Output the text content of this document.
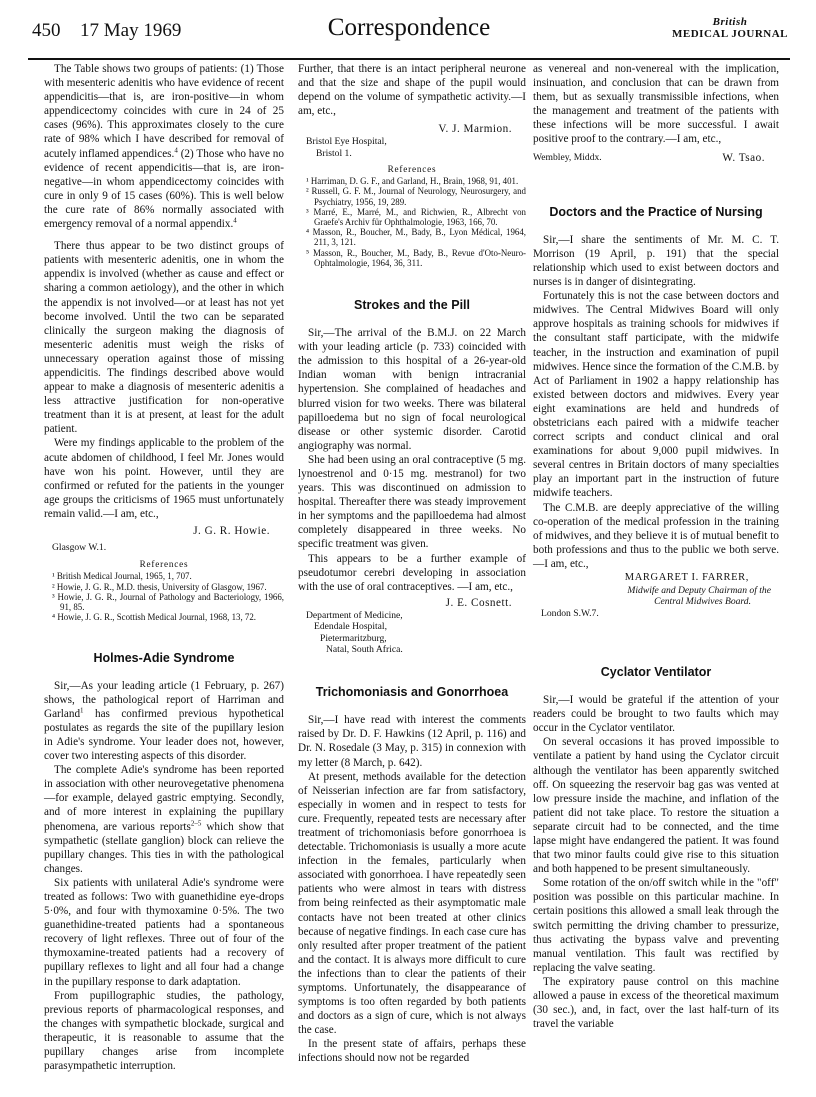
450 17 May 1969	Correspondence	British
MEDICAL JOURNAL

The Table shows two groups of patients: (1) Those with mesenteric adenitis who have evidence of recent appendicitis—that is, are iron-positive—in whom appendicectomy coincides with cure in 24 of 25 cases (96%). This approximates closely to the cure rate of 98% which I have described for removal of acutely inflamed appendices.$^4$ (2) Those who have no evidence of recent appendicitis—that is, are iron-negative—in whom appendicectomy coincides with cure in only 9 of 15 cases (60%). This is well below the cure rate of 86% normally associated with emergency removal of a normal appendix.$^4$

There thus appear to be two distinct groups of patients with mesenteric adenitis, one in whom the appendix is involved (whether as cause and effect or sharing a common aetiology), and the other in which the appendix is not involved—or at least has not yet become involved. Until the two can be separated clinically the surgeon making the diagnosis of mesenteric adenitis must weigh the risks of unnecessary operation against those of missing appendicitis. The findings described above would appear to make a diagnosis of mesenteric adenitis a less attractive justification for non-operative treatment than it is at present, at least for the adult patient.

Were my findings applicable to the problem of the acute abdomen of childhood, I feel Mr. Jones would have won his point. However, until they are confirmed or refuted for the patients in the younger age groups the criticisms of 1965 must unfortunately remain valid.—I am, etc.,

J. G. R. Howie.
Glasgow W.1.
References
¹ British Medical Journal, 1965, 1, 707.
² Howie, J. G. R., M.D. thesis, University of Glasgow, 1967.
³ Howie, J. G. R., Journal of Pathology and Bacteriology, 1966, 91, 85.
⁴ Howie, J. G. R., Scottish Medical Journal, 1968, 13, 72.
Holmes-Adie Syndrome

Sir,—As your leading article (1 February, p. 267) shows, the pathological report of Harriman and Garland$^1$ has confirmed previous hypothetical postulates as regards the site of the pupillary lesion in Adie's syndrome. Your leader does not, however, cover two interesting aspects of this disorder.

The complete Adie's syndrome has been reported in association with other neurovegetative phenomena—for example, delayed gastric emptying. Secondly, and of more interest in explaining the pupillary phenomena, are various reports$^{2-5}$ which show that sympathetic (stellate ganglion) block can relieve the pupillary changes. This ties in with the pathological changes.

Six patients with unilateral Adie's syndrome were treated as follows: Two with guanethidine eye-drops 5·0%, and four with thymoxamine 0·5%. The two guanethidine-treated patients had a spontaneous recovery of light reflexes. Three out of four of the thymoxamine-treated patients had a recovery of pupillary reflexes to light and all four had a change in the pupillary response to dark adaptation.

From pupillographic studies, the pathology, previous reports of pharmacological responses, and the changes with sympathetic blockade, surgical and therapeutic, it is reasonable to assume that the pupillary changes arise from incomplete parasympathetic interruption.

Further, that there is an intact peripheral neurone and that the size and shape of the pupil would depend on the volume of sympathetic activity.—I am, etc.,

V. J. Marmion.
Bristol Eye Hospital,
Bristol 1.
References
¹ Harriman, D. G. F., and Garland, H., Brain, 1968, 91, 401.
² Russell, G. F. M., Journal of Neurology, Neurosurgery, and Psychiatry, 1956, 19, 289.
³ Marré, E., Marré, M., and Richwien, R., Albrecht von Graefe's Archiv für Ophthalmologie, 1963, 166, 70.
⁴ Masson, R., Boucher, M., Bady, B., Lyon Médical, 1964, 211, 3, 121.
⁵ Masson, R., Boucher, M., Bady, B., Revue d'Oto-Neuro-Ophtalmologie, 1964, 36, 311.
Strokes and the Pill

Sir,—The arrival of the B.M.J. on 22 March with your leading article (p. 733) coincided with the admission to this hospital of a 26-year-old Indian woman with benign intracranial hypertension. She complained of headaches and blurred vision for two weeks. There was bilateral papilloedema but no sign of focal neurological disease or other systemic disorder. Carotid angiography was normal.

She had been using an oral contraceptive (5 mg. lynoestrenol and 0·15 mg. mestranol) for two years. This was discontinued on admission to hospital. Thereafter there was steady improvement in her symptoms and the papilloedema had almost completely disappeared in three weeks. No specific treatment was given.

This appears to be a further example of pseudotumor cerebri developing in association with the use of oral contraceptives. —I am, etc.,

J. E. Cosnett.
Department of Medicine,
Edendale Hospital,
Pietermaritzburg,
Natal, South Africa.
Trichomoniasis and Gonorrhoea

Sir,—I have read with interest the comments raised by Dr. D. F. Hawkins (12 April, p. 116) and Dr. N. Rosedale (3 May, p. 315) in connexion with my letter (8 March, p. 642).

At present, methods available for the detection of Neisserian infection are far from satisfactory, especially in women and in respect to tests for cure. Frequently, repeated tests are necessary after treatment of trichomoniasis before gonorrhoea is detectable. Trichomoniasis is usually a more acute infection in the females, particularly when associated with gonorrhoea. I have repeatedly seen patients who were almost in tears with distress from being reinfected as their asymptomatic male contacts have not been treated at other clinics because of negative findings. In each case cure has only resulted after proper treatment of the patient and the contact. It is always more difficult to cure the infections than to clear the patients of their symptoms. Unfortunately, the disappearance of symptoms is too often regarded by both patients and doctors as a sign of cure, which is not always the case.

In the present state of affairs, perhaps these infections should now not be regarded

as venereal and non-venereal with the implication, insinuation, and conclusion that can be drawn from them, but as sexually transmissible infections, when the management and treatment of the patients with these infections will be more successful. I await positive proof to the contrary.—I am, etc.,

Wembley, Middx.	W. Tsao.
Doctors and the Practice of Nursing

Sir,—I share the sentiments of Mr. M. C. T. Morrison (19 April, p. 191) that the special relationship which used to exist between doctors and nurses is in danger of disintegrating.

Fortunately this is not the case between doctors and midwives. The Central Midwives Board will only approve hospitals as training schools for midwives if the consultant staff participate, with the midwife teacher, in the instruction and examination of pupil midwives. Hence since the formation of the C.M.B. by Act of Parliament in 1902 a happy relationship has existed between doctors and midwives. Every year eight examinations are held and hundreds of obstetricians each paired with a midwife teacher correct scripts and conduct clinical and oral examinations for about 9,000 pupil midwives. In several centres in Britain doctors of many specialties play an important part in the instruction of future midwife teachers.

The C.M.B. are deeply appreciative of the willing co-operation of the medical profession in the training of midwives, and they believe it is of mutual benefit to both professions and thus to the public we both serve.—I am, etc.,

MARGARET I. FARRER,
Midwife and Deputy Chairman of the
Central Midwives Board.
London S.W.7.
Cyclator Ventilator

Sir,—I would be grateful if the attention of your readers could be brought to two faults which may occur in the Cyclator ventilator.

On several occasions it has proved impossible to ventilate a patient by hand using the Cyclator circuit although the ventilator has been apparently switched off. On squeezing the reservoir bag gas was vented at low pressure inside the machine, and inflation of the patient did not take place. To restore the situation a separate circuit had to be connected, and the time lapse might have endangered the patient. It was found that two minor faults could give rise to this situation and both happened to be present simultaneously.

Some rotation of the on/off switch while in the "off" position was possible on this particular machine. In certain positions this allowed a small leak through the switch permitting the driving chamber to pressurize, thus activating the bypass valve and preventing manual ventilation. This fault was rectified by replacing the valve seating.

The expiratory pause control on this machine allowed a pause in excess of the theoretical maximum (30 sec.), and, in fact, over the last half-turn of its travel the variable
